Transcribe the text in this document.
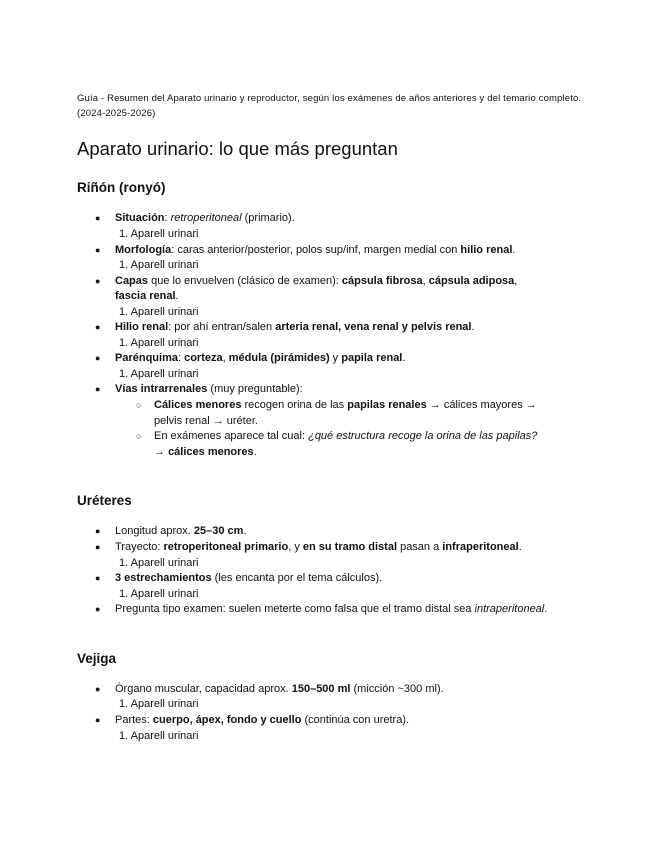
Guía - Resumen del Aparato urinario y reproductor, según los exámenes de años anteriores y del temario completo. (2024-2025-2026)
Aparato urinario: lo que más preguntan
Riñón (ronyó)
● Situación: retroperitoneal (primario).
1. Aparell urinari
● Morfología: caras anterior/posterior, polos sup/inf, margen medial con hilio renal.
1. Aparell urinari
● Capas que lo envuelven (clásico de examen): cápsula fibrosa, cápsula adiposa,
fascia renal.
1. Aparell urinari
● Hilio renal: por ahí entran/salen arteria renal, vena renal y pelvis renal.
1. Aparell urinari
● Parénquima: corteza, médula (pirámides) y papila renal.
1. Aparell urinari
● Vías intrarrenales (muy preguntable):
○ Cálices menores recogen orina de las papilas renales → cálices mayores →
pelvis renal → uréter.
○ En exámenes aparece tal cual: ¿qué estructura recoge la orina de las papilas?
→ cálices menores.
Uréteres
● Longitud aprox. 25–30 cm.
● Trayecto: retroperitoneal primario, y en su tramo distal pasan a infraperitoneal.
1. Aparell urinari
● 3 estrechamientos (les encanta por el tema cálculos).
1. Aparell urinari
● Pregunta tipo examen: suelen meterte como falsa que el tramo distal sea intraperitoneal.
Vejiga
● Órgano muscular, capacidad aprox. 150–500 ml (micción ~300 ml).
1. Aparell urinari
● Partes: cuerpo, ápex, fondo y cuello (continúa con uretra).
1. Aparell urinari
